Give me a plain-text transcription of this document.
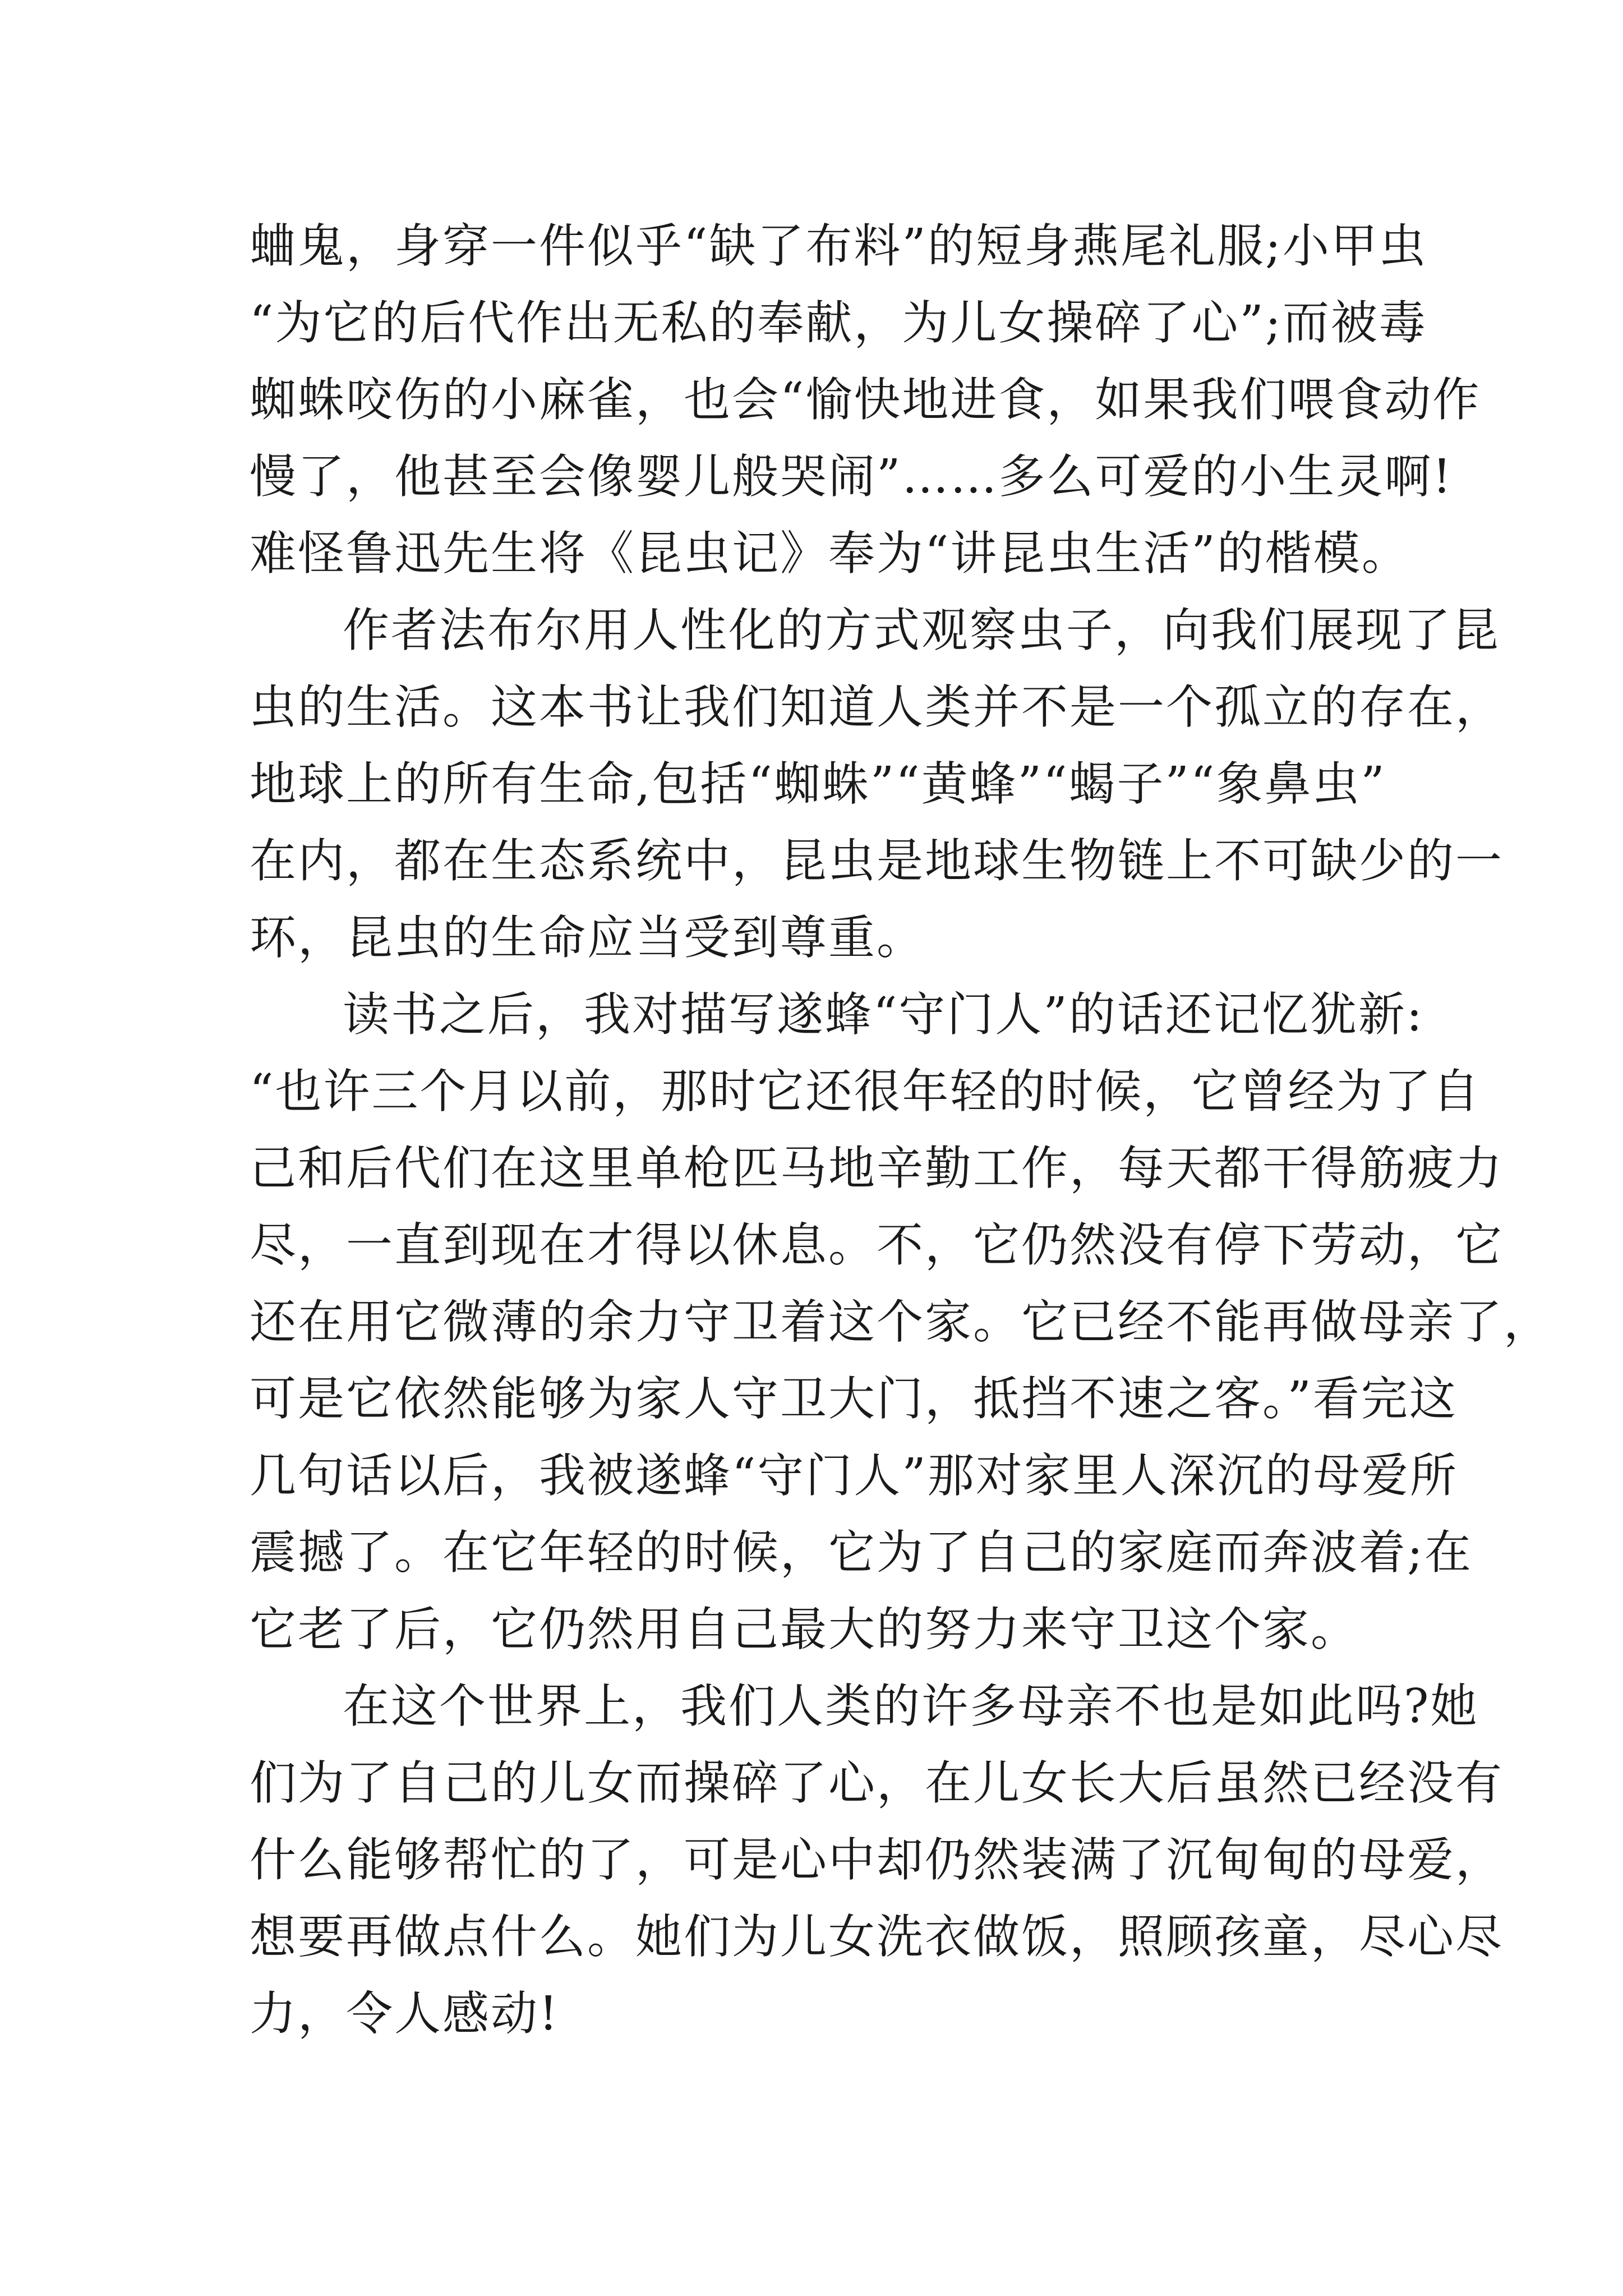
蛐鬼，身穿一件似乎“缺了布料”的短身燕尾礼服;小甲虫
“为它的后代作出无私的奉献，为儿女操碎了心”;而被毒
蜘蛛咬伤的小麻雀，也会“愉快地进食，如果我们喂食动作
慢了，他甚至会像婴儿般哭闹”……多么可爱的小生灵啊!
难怪鲁迅先生将《昆虫记》奉为“讲昆虫生活”的楷模。
作者法布尔用人性化的方式观察虫子，向我们展现了昆
虫的生活。这本书让我们知道人类并不是一个孤立的存在，
地球上的所有生命,包括“蜘蛛”“黄蜂”“蝎子”“象鼻虫”
在内，都在生态系统中，昆虫是地球生物链上不可缺少的一
环，昆虫的生命应当受到尊重。
读书之后，我对描写遂蜂“守门人”的话还记忆犹新:
“也许三个月以前，那时它还很年轻的时候，它曾经为了自
己和后代们在这里单枪匹马地辛勤工作，每天都干得筋疲力
尽，一直到现在才得以休息。不，它仍然没有停下劳动，它
还在用它微薄的余力守卫着这个家。它已经不能再做母亲了，
可是它依然能够为家人守卫大门，抵挡不速之客。”看完这
几句话以后，我被遂蜂“守门人”那对家里人深沉的母爱所
震撼了。在它年轻的时候，它为了自己的家庭而奔波着;在
它老了后，它仍然用自己最大的努力来守卫这个家。
在这个世界上，我们人类的许多母亲不也是如此吗?她
们为了自己的儿女而操碎了心，在儿女长大后虽然已经没有
什么能够帮忙的了，可是心中却仍然装满了沉甸甸的母爱，
想要再做点什么。她们为儿女洗衣做饭，照顾孩童，尽心尽
力，令人感动!
